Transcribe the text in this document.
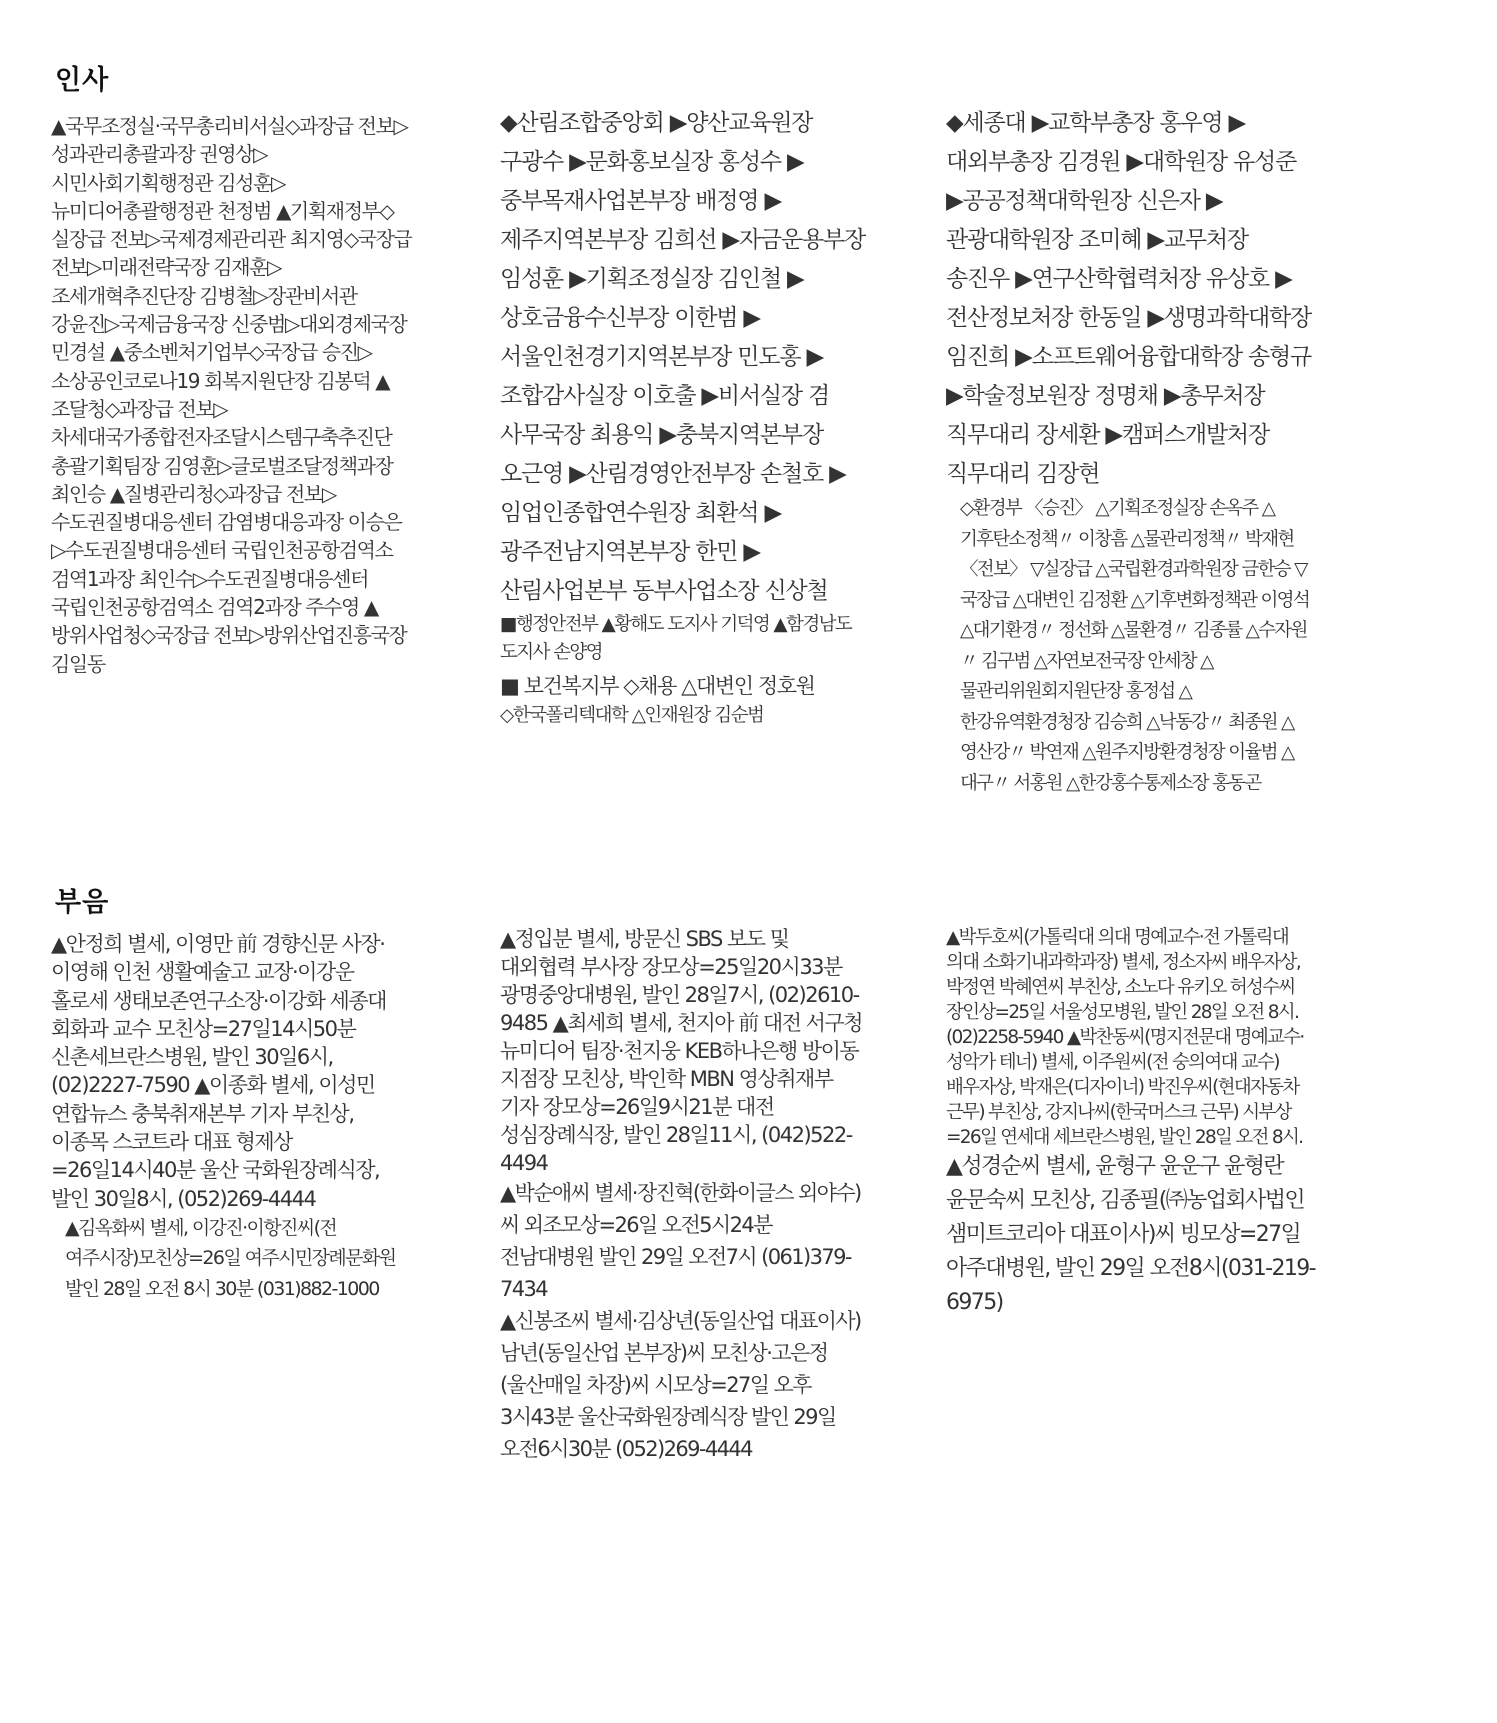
인사

▲국무조정실·국무총리비서실◇과장급 전보▷성과관리총괄과장 권영상▷시민사회기획행정관 김성훈▷뉴미디어총괄행정관 천정범 ▲기획재정부◇실장급 전보▷국제경제관리관 최지영◇국장급 전보▷미래전략국장 김재훈▷조세개혁추진단장 김병철▷장관비서관 강윤진▷국제금융국장 신중범▷대외경제국장 민경설 ▲중소벤처기업부◇국장급 승진▷소상공인코로나19 회복지원단장 김봉덕 ▲조달청◇과장급 전보▷차세대국가종합전자조달시스템구축추진단 총괄기획팀장 김영훈▷글로벌조달정책과장 최인승 ▲질병관리청◇과장급 전보▷수도권질병대응센터 감염병대응과장 이승은▷수도권질병대응센터 국립인천공항검역소 검역1과장 최인수▷수도권질병대응센터 국립인천공항검역소 검역2과장 주수영 ▲방위사업청◇국장급 전보▷방위산업진흥국장 김일동

◆산림조합중앙회 ▶양산교육원장 구광수 ▶문화홍보실장 홍성수 ▶중부목재사업본부장 배정영 ▶제주지역본부장 김희선 ▶자금운용부장 임성훈 ▶기획조정실장 김인철 ▶상호금융수신부장 이한범 ▶서울인천경기지역본부장 민도홍 ▶조합감사실장 이호출 ▶비서실장 겸 사무국장 최용익 ▶충북지역본부장 오근영 ▶산림경영안전부장 손철호 ▶임업인종합연수원장 최환석 ▶광주전남지역본부장 한민 ▶산림사업본부 동부사업소장 신상철
■행정안전부 ▲황해도 도지사 기덕영 ▲함경남도 도지사 손양영
■ 보건복지부 ◇채용 △대변인 정호원
◇한국폴리텍대학 △인재원장 김순범
◆세종대 ▶교학부총장 홍우영 ▶대외부총장 김경원 ▶대학원장 유성준 ▶공공정책대학원장 신은자 ▶관광대학원장 조미혜 ▶교무처장 송진우 ▶연구산학협력처장 유상호 ▶전산정보처장 한동일 ▶생명과학대학장 임진희 ▶소프트웨어융합대학장 송형규 ▶학술정보원장 정명채 ▶총무처장 직무대리 장세환 ▶캠퍼스개발처장 직무대리 김장현
◇환경부 〈승진〉 △기획조정실장 손옥주 △기후탄소정책〃 이창흠 △물관리정책〃 박재현 〈전보〉 ▽실장급 △국립환경과학원장 금한승 ▽국장급 △대변인 김정환 △기후변화정책관 이영석 △대기환경〃 정선화 △물환경〃 김종률 △수자원〃 김구범 △자연보전국장 안세창 △물관리위원회지원단장 홍정섭 △한강유역환경청장 김승희 △낙동강〃 최종원 △영산강〃 박연재 △원주지방환경청장 이율범 △대구〃 서홍원 △한강홍수통제소장 홍동곤
부음
▲안정희 별세, 이영만 前 경향신문 사장·이영해 인천 생활예술고 교장·이강운 홀로세 생태보존연구소장·이강화 세종대 회화과 교수 모친상=27일14시50분 신촌세브란스병원, 발인 30일6시, (02)2227-7590 ▲이종화 별세, 이성민 연합뉴스 충북취재본부 기자 부친상, 이종목 스코트라 대표 형제상=26일14시40분 울산 국화원장례식장, 발인 30일8시, (052)269-4444
▲김옥화씨 별세, 이강진·이항진씨(전 여주시장)모친상=26일 여주시민장례문화원 발인 28일 오전 8시 30분 (031)882-1000
▲정입분 별세, 방문신 SBS 보도 및 대외협력 부사장 장모상=25일20시33분 광명중앙대병원, 발인 28일7시, (02)2610-9485 ▲최세희 별세, 천지아 前 대전 서구청 뉴미디어 팀장·천지웅 KEB하나은행 방이동 지점장 모친상, 박인학 MBN 영상취재부 기자 장모상=26일9시21분 대전 성심장례식장, 발인 28일11시, (042)522-4494
▲박순애씨 별세·장진혁(한화이글스 외야수)씨 외조모상=26일 오전5시24분 전남대병원 발인 29일 오전7시 (061)379-7434
▲신봉조씨 별세·김상년(동일산업 대표이사) 남년(동일산업 본부장)씨 모친상·고은정(울산매일 차장)씨 시모상=27일 오후 3시43분 울산국화원장례식장 발인 29일 오전6시30분 (052)269-4444
▲박두호씨(가톨릭대 의대 명예교수·전 가톨릭대 의대 소화기내과학과장) 별세, 정소자씨 배우자상, 박정연 박혜연씨 부친상, 소노다 유키오 허성수씨 장인상=25일 서울성모병원, 발인 28일 오전 8시. (02)2258-5940 ▲박찬동씨(명지전문대 명예교수·성악가 테너) 별세, 이주원씨(전 숭의여대 교수) 배우자상, 박재은(디자이너) 박진우씨(현대자동차 근무) 부친상, 강지나씨(한국머스크 근무) 시부상=26일 연세대 세브란스병원, 발인 28일 오전 8시.
▲성경순씨 별세, 윤형구 윤운구 윤형란 윤문숙씨 모친상, 김종필(㈜농업회사법인 샘미트코리아 대표이사)씨 빙모상=27일 아주대병원, 발인 29일 오전8시(031-219-6975)
